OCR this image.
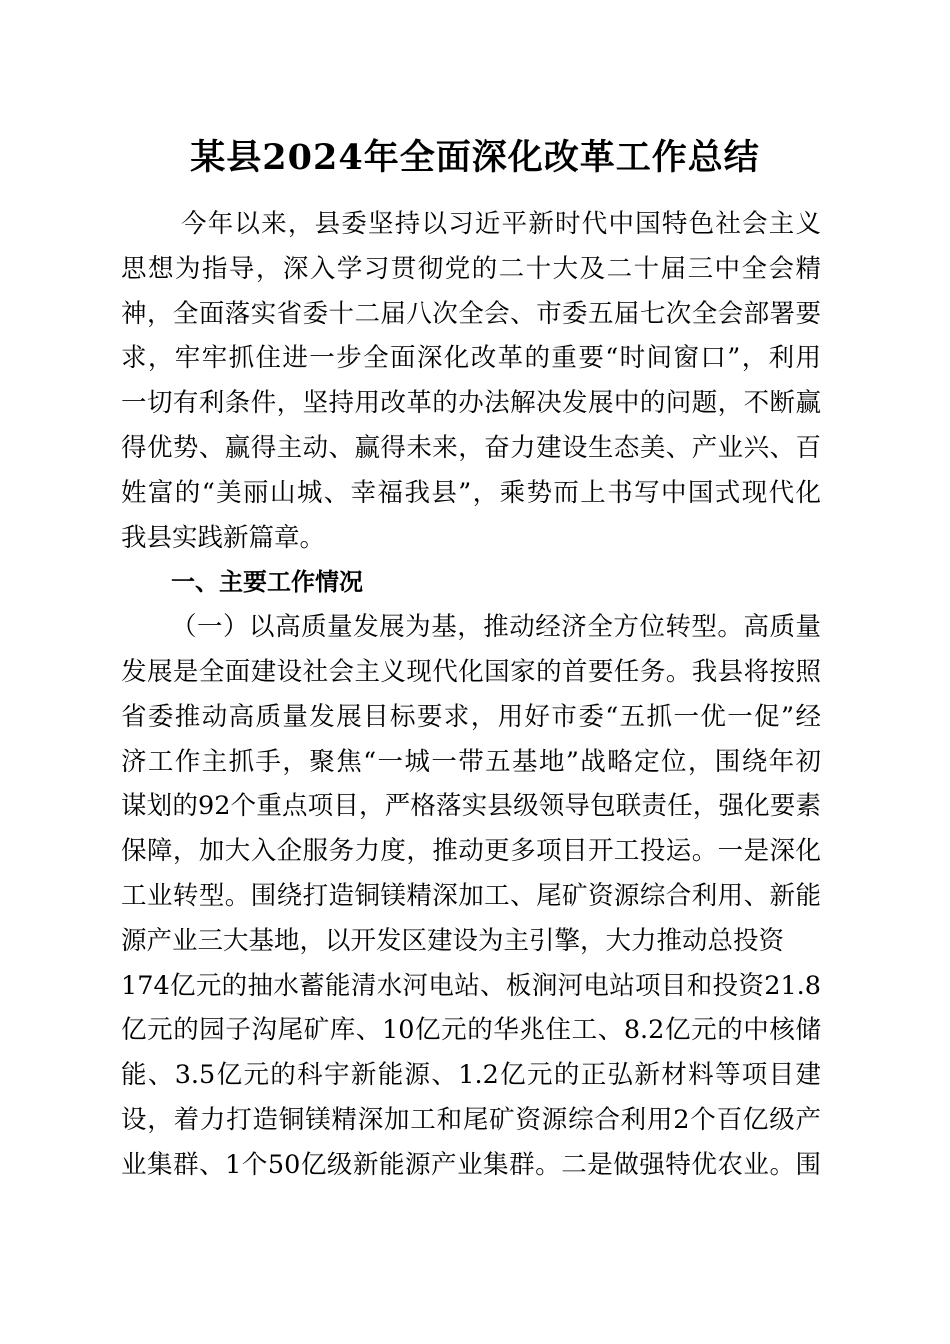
某县2024年全面深化改革工作总结
今年以来，县委坚持以习近平新时代中国特色社会主义
思想为指导，深入学习贯彻党的二十大及二十届三中全会精
神，全面落实省委十二届八次全会、市委五届七次全会部署要
求，牢牢抓住进一步全面深化改革的重要“时间窗口”，利用
一切有利条件，坚持用改革的办法解决发展中的问题，不断赢
得优势、赢得主动、赢得未来，奋力建设生态美、产业兴、百
姓富的“美丽山城、幸福我县”，乘势而上书写中国式现代化
我县实践新篇章。
一、主要工作情况
（一）以高质量发展为基，推动经济全方位转型。高质量
发展是全面建设社会主义现代化国家的首要任务。我县将按照
省委推动高质量发展目标要求，用好市委“五抓一优一促”经
济工作主抓手，聚焦“一城一带五基地”战略定位，围绕年初
谋划的92个重点项目，严格落实县级领导包联责任，强化要素
保障，加大入企服务力度，推动更多项目开工投运。一是深化
工业转型。围绕打造铜镁精深加工、尾矿资源综合利用、新能
源产业三大基地，以开发区建设为主引擎，大力推动总投资
174亿元的抽水蓄能清水河电站、板涧河电站项目和投资21.8
亿元的园子沟尾矿库、10亿元的华兆住工、8.2亿元的中核储
能、3.5亿元的科宇新能源、1.2亿元的正弘新材料等项目建
设，着力打造铜镁精深加工和尾矿资源综合利用2个百亿级产
业集群、1个50亿级新能源产业集群。二是做强特优农业。围
